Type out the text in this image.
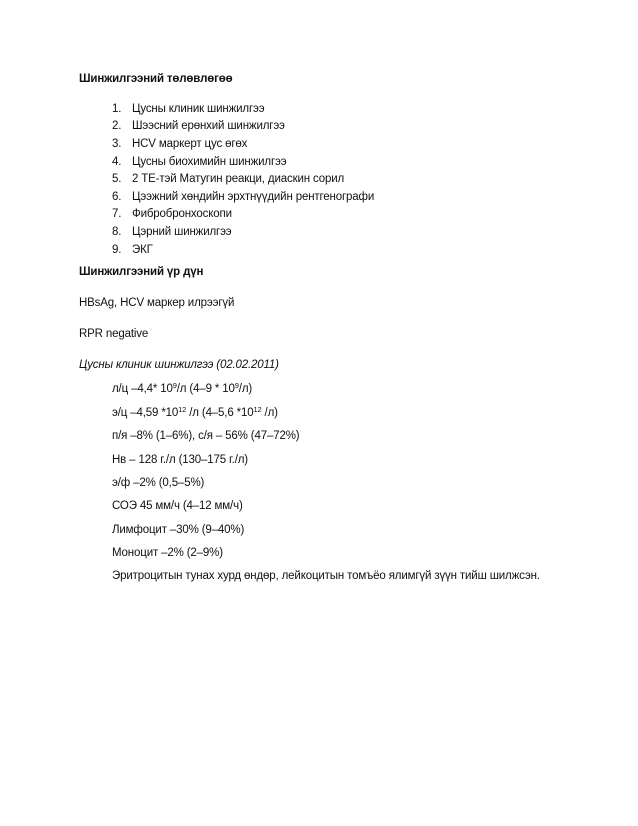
Шинжилгээний төлөвлөгөө

1. Цусны клиник шинжилгээ
2. Шээсний ерөнхий шинжилгээ
3. HCV маркерт цус өгөх
4. Цусны биохимийн шинжилгээ
5. 2 ТЕ-тэй Матугин реакци, диаскин сорил
6. Цээжний хөндийн эрхтнүүдийн рентгенографи
7. Фибробронхоскопи
8. Цэрний шинжилгээ
9. ЭКГ

Шинжилгээний үр дүн

HBsAg, HCV маркер илрээгүй

RPR negative

Цусны клиник шинжилгээ (02.02.2011)

л/ц –4,4* $10^9/л$ $(4-9 * 10^9/л)$
э/ц –4,59 $*10^{12}$ /л (4–5,6 $*10^{12}$ /л)
п/я –8% (1–6%), с/я – 56% (47–72%)
Нв – 128 г./л (130–175 г./л)
э/ф –2% (0,5–5%)
СОЭ 45 мм/ч (4–12 мм/ч)
Лимфоцит –30% (9–40%)
Моноцит –2% (2–9%)
Эритроцитын тунах хурд өндөр, лейкоцитын томъёо ялимгүй зүүн тийш шилжсэн.
